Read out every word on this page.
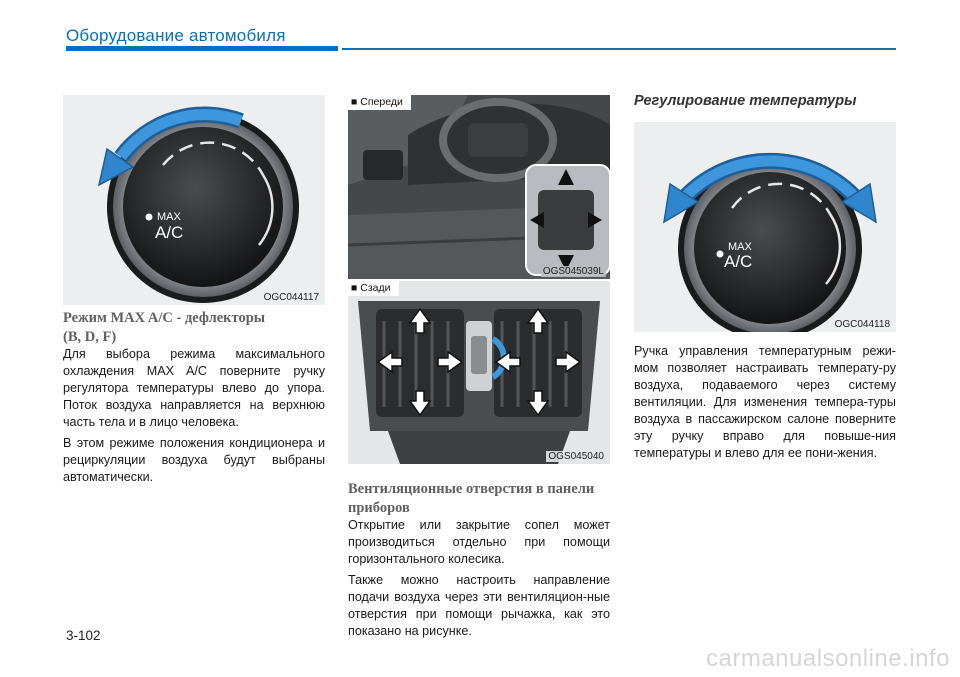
Оборудование автомобиля
MAX
A/C
OGC044117
Режим MAX A/C - дефлекторы
(B, D, F)

Для выбора режима максимального охлаждения MAX A/C поверните ручку регулятора температуры влево до упора. Поток воздуха направляется на верхнюю часть тела и в лицо человека.

В этом режиме положения кондиционера и рециркуляции воздуха будут выбраны автоматически.

■ Спереди
OGS045039L
■ Сзади
OGS045040
Вентиляционные отверстия в панели
приборов

Открытие или закрытие сопел может производиться отдельно при помощи горизонтального колесика.

Также можно настроить направление подачи воздуха через эти вентиляцион-ные отверстия при помощи рычажка, как это показано на рисунке.

Регулирование температуры
MAX
A/C
OGC044118

Ручка управления температурным режи-мом позволяет настраивать температу-ру воздуха, подаваемого через систему вентиляции. Для изменения темпера-туры воздуха в пассажирском салоне поверните эту ручку вправо для повыше-ния температуры и влево для ее пони-жения.

3-102
carmanualsonline.info
